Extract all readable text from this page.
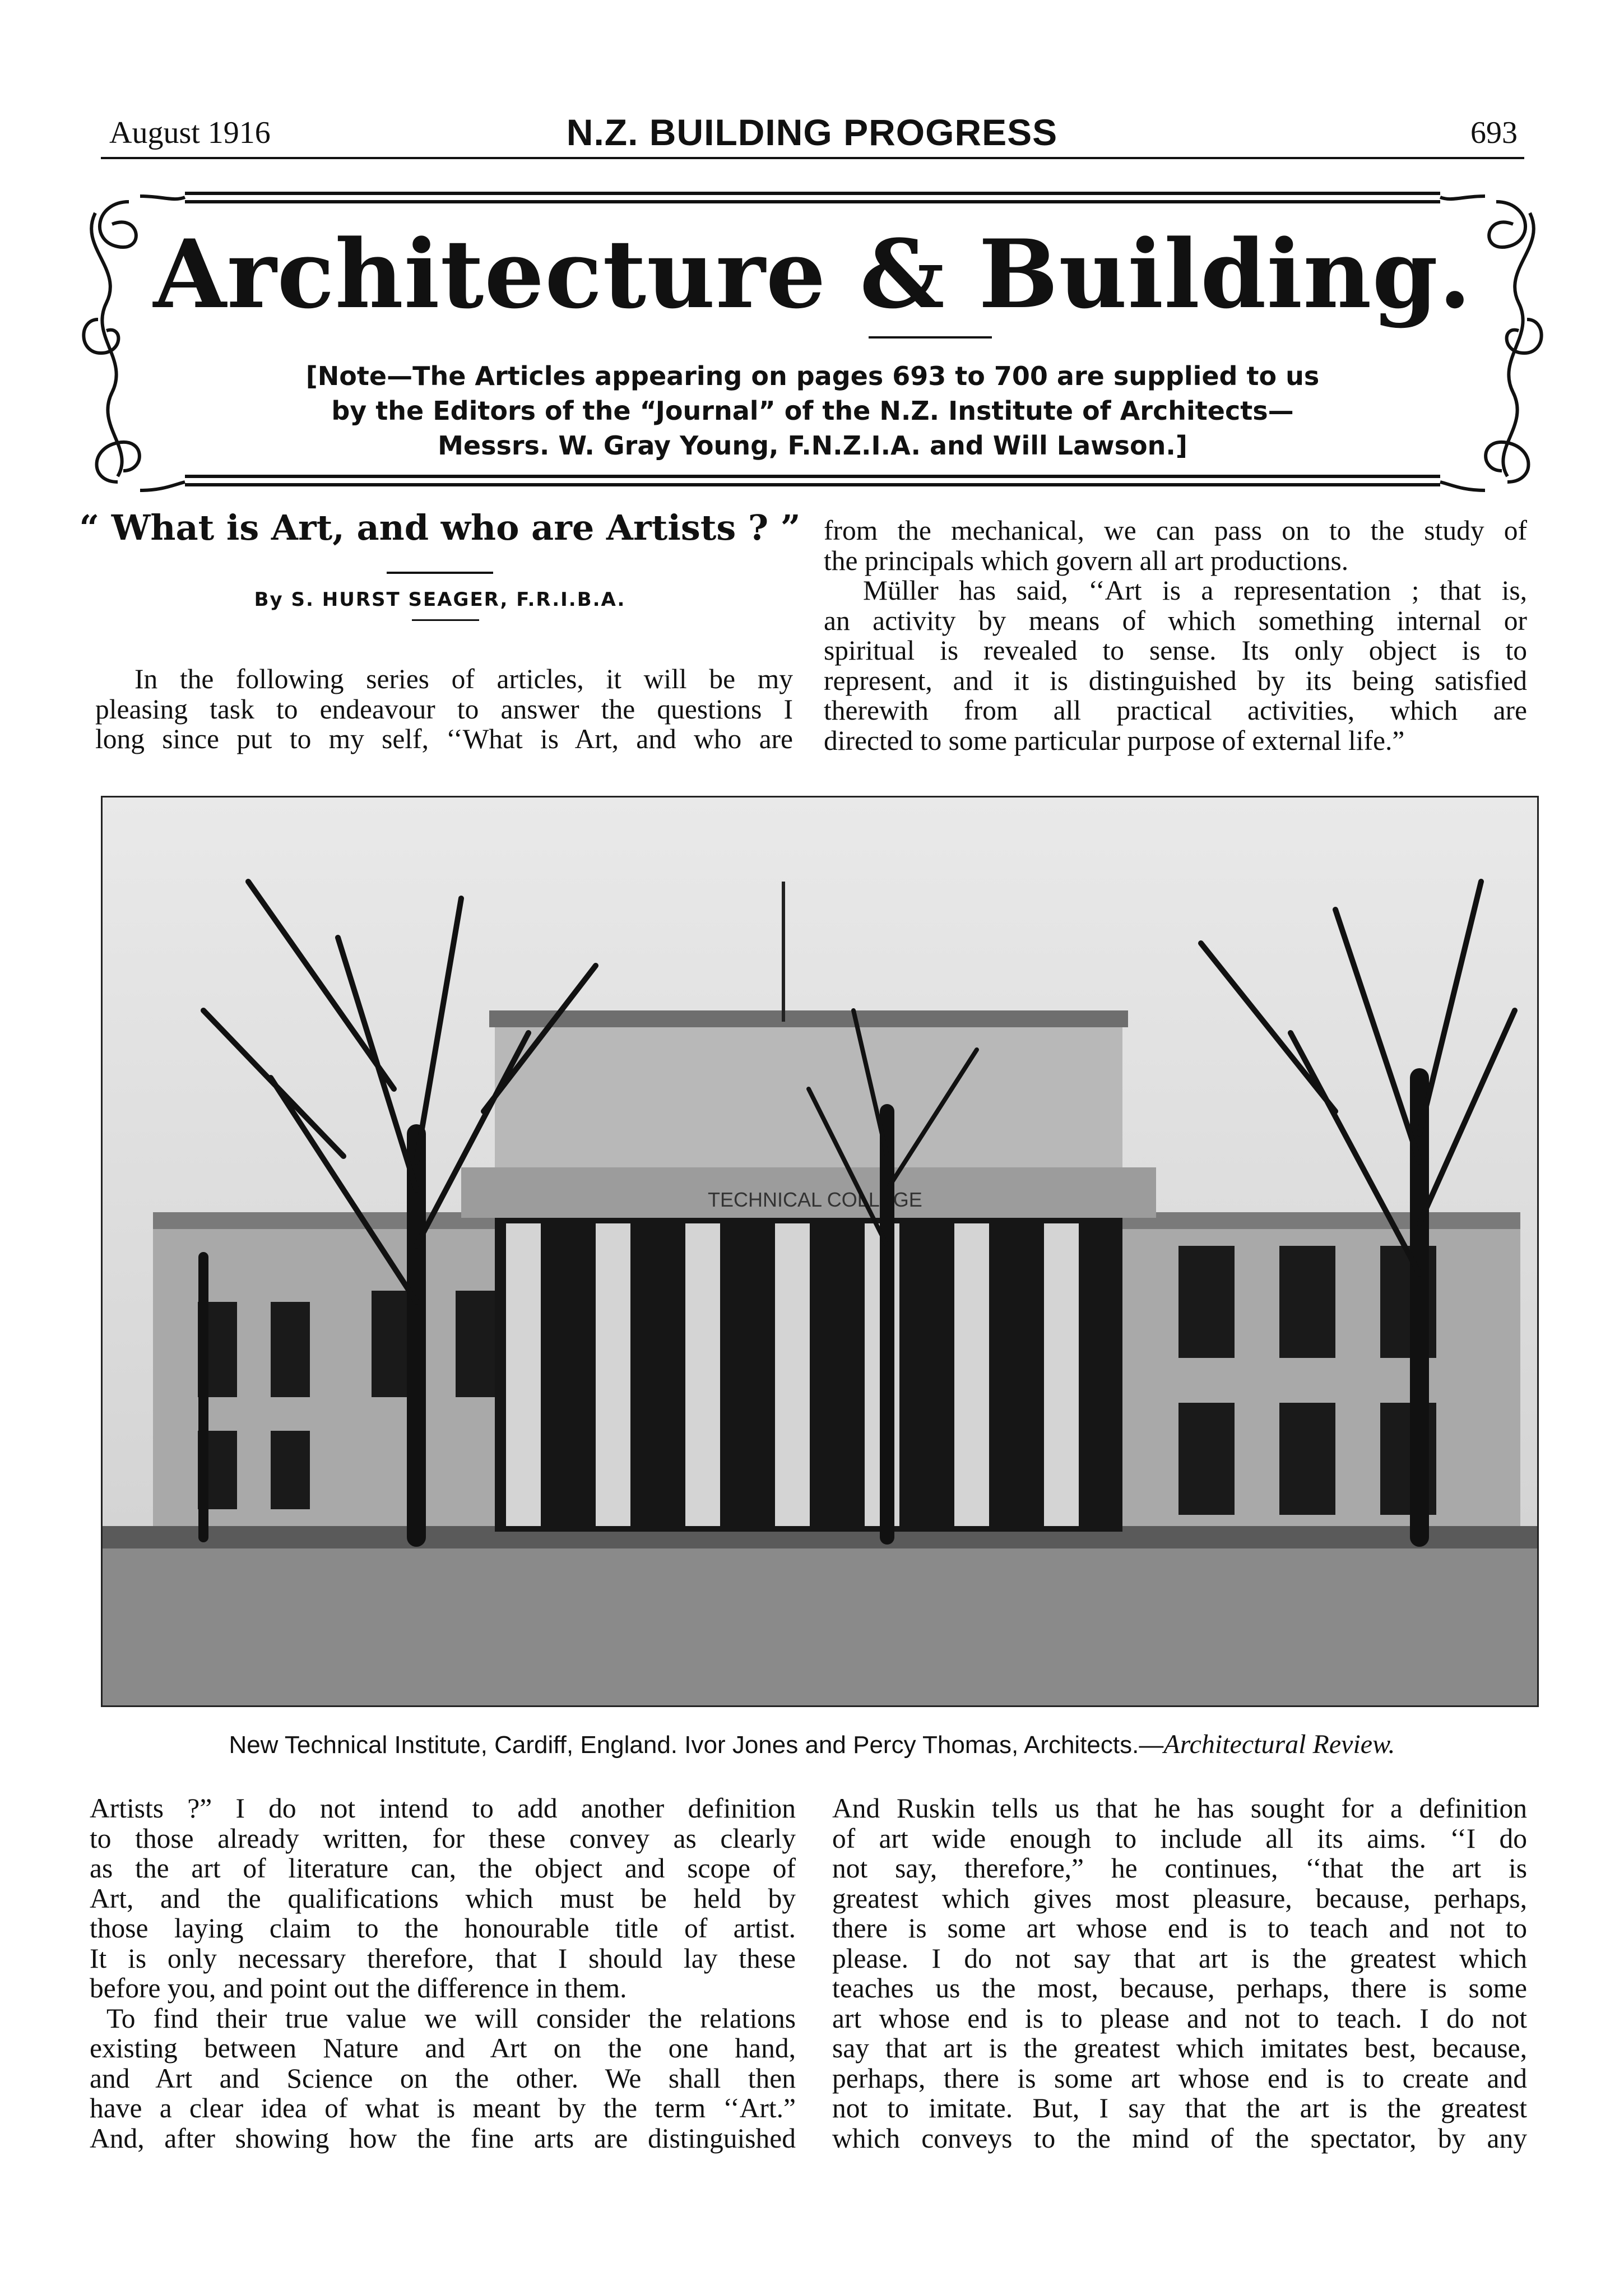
August 1916	N.Z. BUILDING PROGRESS	693
Architecture & Building.
[Note—The Articles appearing on pages 693 to 700 are supplied to us
by the Editors of the “Journal” of the N.Z. Institute of Architects—
Messrs. W. Gray Young, F.N.Z.I.A. and Will Lawson.]
“ What is Art, and who are Artists ? ”
By S. HURST SEAGER, F.R.I.B.A.
In the following series of articles, it will be my
pleasing task to endeavour to answer the questions I
long since put to my self, ‘‘What is Art, and who are
from the mechanical, we can pass on to the study of
the principals which govern all art productions.
Müller has said, ‘‘Art is a representation ; that is,
an activity by means of which something internal or
spiritual is revealed to sense. Its only object is to
represent, and it is distinguished by its being satisfied
therewith from all practical activities, which are
directed to some particular purpose of external life.”
TECHNICAL COLLEGE
New Technical Institute, Cardiff, England. Ivor Jones and Percy Thomas, Architects.—Architectural Review.
Artists ?” I do not intend to add another definition
to those already written, for these convey as clearly
as the art of literature can, the object and scope of
Art, and the qualifications which must be held by
those laying claim to the honourable title of artist.
It is only necessary therefore, that I should lay these
before you, and point out the difference in them.
To find their true value we will consider the relations
existing between Nature and Art on the one hand,
and Art and Science on the other. We shall then
have a clear idea of what is meant by the term ‘‘Art.”
And, after showing how the fine arts are distinguished
And Ruskin tells us that he has sought for a definition
of art wide enough to include all its aims. ‘‘I do
not say, therefore,” he continues, ‘‘that the art is
greatest which gives most pleasure, because, perhaps,
there is some art whose end is to teach and not to
please. I do not say that art is the greatest which
teaches us the most, because, perhaps, there is some
art whose end is to please and not to teach. I do not
say that art is the greatest which imitates best, because,
perhaps, there is some art whose end is to create and
not to imitate. But, I say that the art is the greatest
which conveys to the mind of the spectator, by any
